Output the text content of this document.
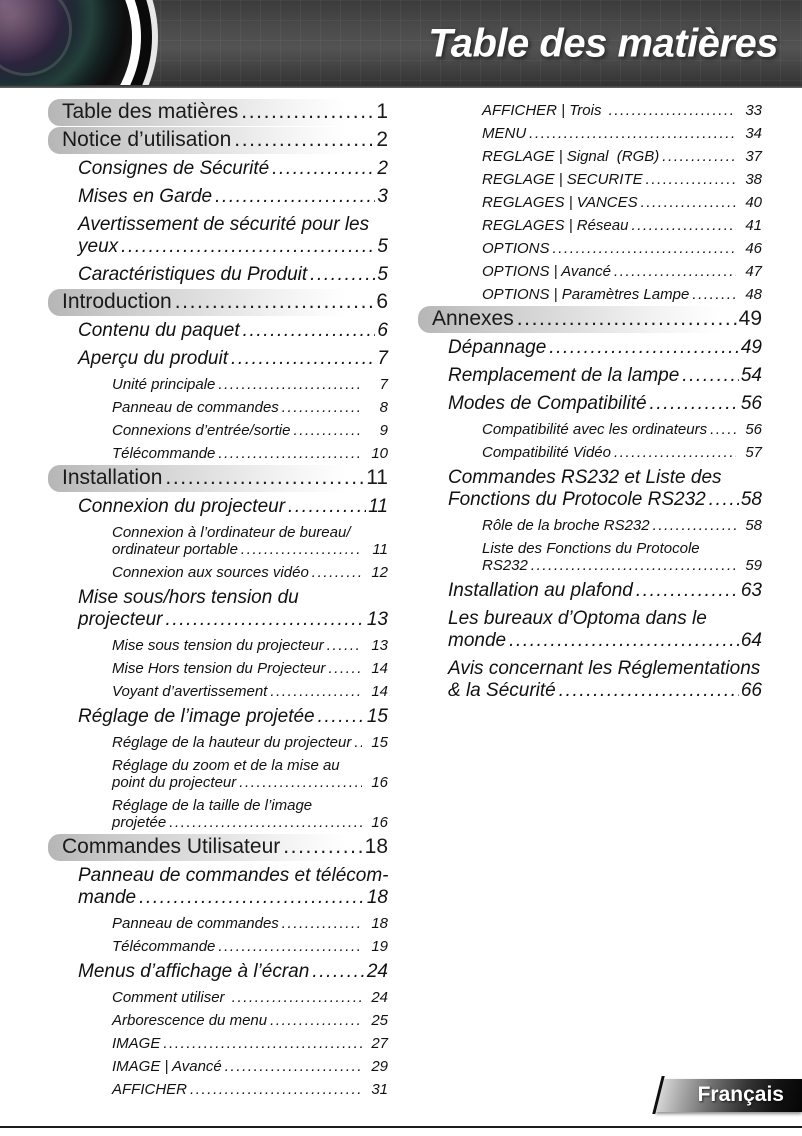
Table des matières
Table des matières .....	1
Notice d’utilisation .....	2
Consignes de Sécurité .....	2
Mises en Garde .....	3
Avertissement de sécurité pour les
yeux .....	5
Caractéristiques du Produit .....	5
Introduction .....	6
Contenu du paquet .....	6
Aperçu du produit .....	7
Unité principale .....	7
Panneau de commandes .....	8
Connexions d’entrée/sortie .....	9
Télécommande .....	10
Installation .....	11
Connexion du projecteur .....	11
Connexion à l’ordinateur de bureau/
ordinateur portable .....	11
Connexion aux sources vidéo .....	12
Mise sous/hors tension du
projecteur .....	13
Mise sous tension du projecteur .....	13
Mise Hors tension du Projecteur .....	14
Voyant d’avertissement .....	14
Réglage de l’image projetée .....	15
Réglage de la hauteur du projecteur .....	15
Réglage du zoom et de la mise au
point du projecteur .....	16
Réglage de la taille de l’image
projetée .....	16
Commandes Utilisateur .....	18
Panneau de commandes et télécom-
mande .....	18
Panneau de commandes .....	18
Télécommande .....	19
Menus d’affichage à l’écran .....	24
Comment utiliser .....	24
Arborescence du menu .....	25
IMAGE .....	27
IMAGE | Avancé .....	29
AFFICHER .....	31
AFFICHER | Trois .....	33
MENU .....	34
REGLAGE | Signal  (RGB) .....	37
REGLAGE | SECURITE .....	38
REGLAGES | VANCES .....	40
REGLAGES | Réseau .....	41
OPTIONS .....	46
OPTIONS | Avancé .....	47
OPTIONS | Paramètres Lampe .....	48
Annexes .....	49
Dépannage .....	49
Remplacement de la lampe .....	54
Modes de Compatibilité .....	56
Compatibilité avec les ordinateurs .....	56
Compatibilité Vidéo .....	57
Commandes RS232 et Liste des
Fonctions du Protocole RS232 ..... 58
Rôle de la broche RS232 .....	58
Liste des Fonctions du Protocole
RS232 .....	59
Installation au plafond .....	63
Les bureaux d’Optoma dans le
monde .....	64
Avis concernant les Réglementations
& la Sécurité .....	66
Français
